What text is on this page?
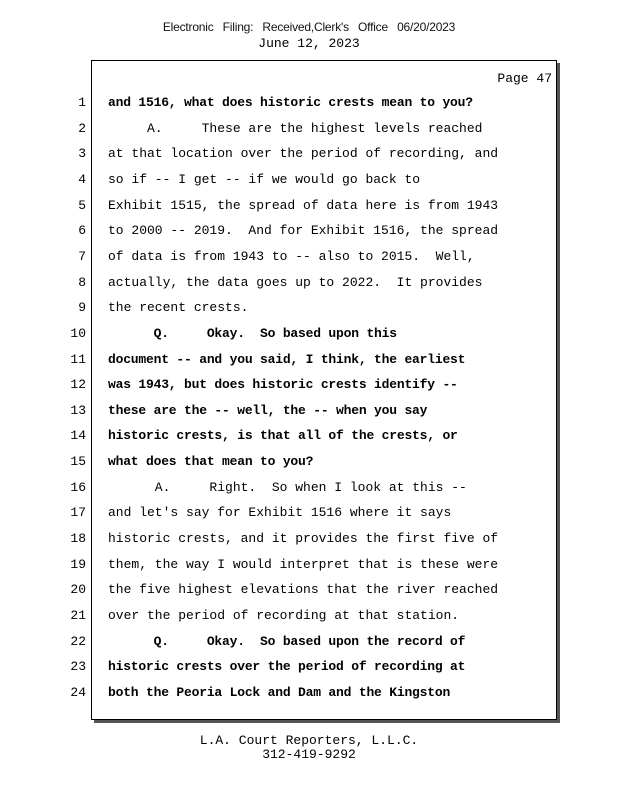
Electronic Filing: Received,Clerk's Office 06/20/2023
June 12, 2023
Page 47
1 and 1516, what does historic crests mean to you?
2 A.     These are the highest levels reached
3 at that location over the period of recording, and
4 so if -- I get -- if we would go back to
5 Exhibit 1515, the spread of data here is from 1943
6 to 2000 -- 2019.  And for Exhibit 1516, the spread
7 of data is from 1943 to -- also to 2015.  Well,
8 actually, the data goes up to 2022.  It provides
9 the recent crests.
10 Q.     Okay.  So based upon this
11 document -- and you said, I think, the earliest
12 was 1943, but does historic crests identify --
13 these are the -- well, the -- when you say
14 historic crests, is that all of the crests, or
15 what does that mean to you?
16 A.     Right.  So when I look at this --
17 and let's say for Exhibit 1516 where it says
18 historic crests, and it provides the first five of
19 them, the way I would interpret that is these were
20 the five highest elevations that the river reached
21 over the period of recording at that station.
22 Q.     Okay.  So based upon the record of
23 historic crests over the period of recording at
24 both the Peoria Lock and Dam and the Kingston
L.A. Court Reporters, L.L.C.
312-419-9292
